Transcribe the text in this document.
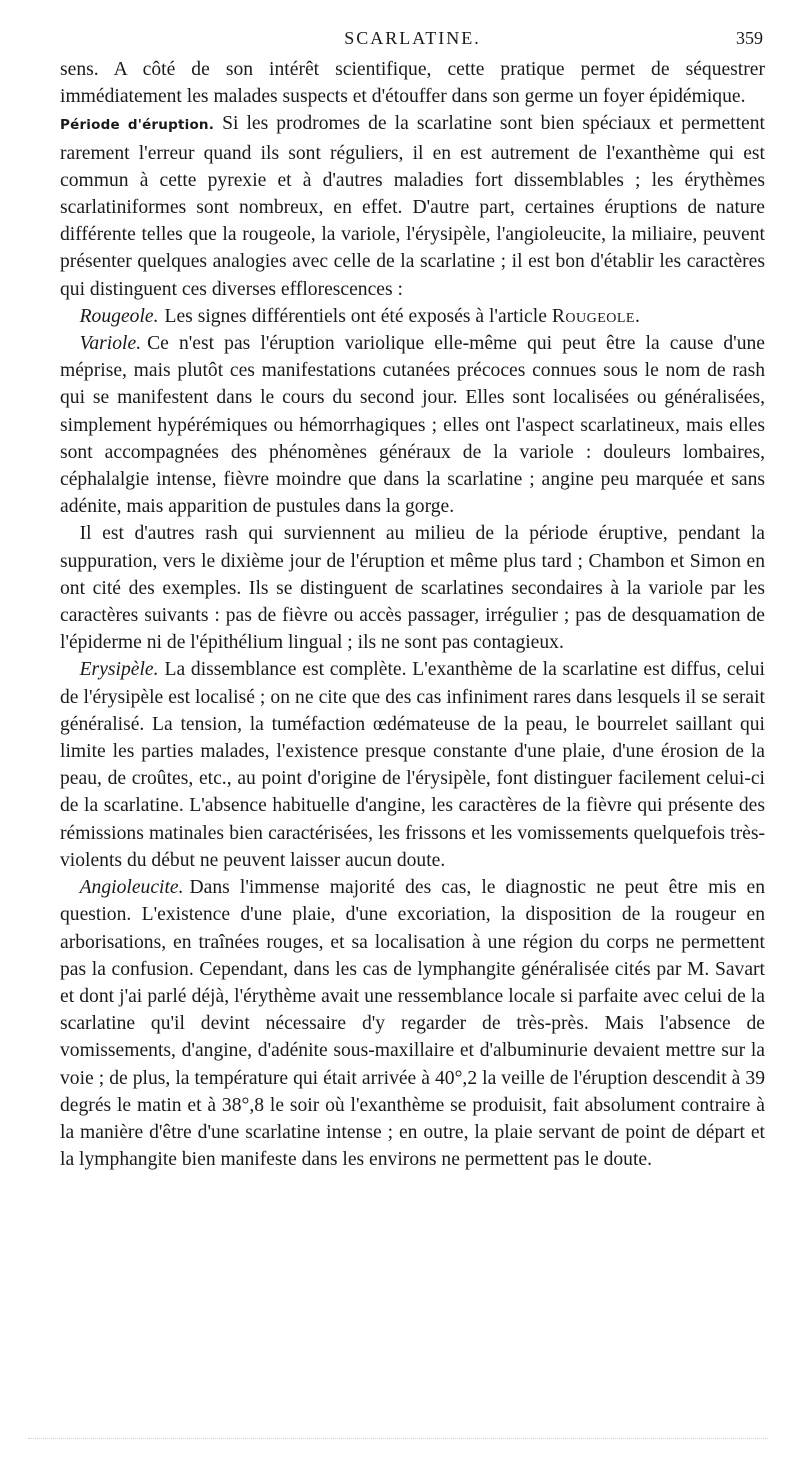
SCARLATINE.	359

sens. A côté de son intérêt scientifique, cette pratique permet de séquestrer immédiatement les malades suspects et d'étouffer dans son germe un foyer épidémique.

Période d'éruption. Si les prodromes de la scarlatine sont bien spéciaux et permettent rarement l'erreur quand ils sont réguliers, il en est autrement de l'exanthème qui est commun à cette pyrexie et à d'autres maladies fort dissemblables ; les érythèmes scarlatiniformes sont nombreux, en effet. D'autre part, certaines éruptions de nature différente telles que la rougeole, la variole, l'érysipèle, l'angioleucite, la miliaire, peuvent présenter quelques analogies avec celle de la scarlatine ; il est bon d'établir les caractères qui distinguent ces diverses efflorescences :

 Rougeole. Les signes différentiels ont été exposés à l'article Rougeole.

 Variole. Ce n'est pas l'éruption variolique elle-même qui peut être la cause d'une méprise, mais plutôt ces manifestations cutanées précoces connues sous le nom de rash qui se manifestent dans le cours du second jour. Elles sont localisées ou généralisées, simplement hypérémiques ou hémorrhagiques ; elles ont l'aspect scarlatineux, mais elles sont accompagnées des phénomènes généraux de la variole : douleurs lombaires, céphalalgie intense, fièvre moindre que dans la scarlatine ; angine peu marquée et sans adénite, mais apparition de pustules dans la gorge.

 Il est d'autres rash qui surviennent au milieu de la période éruptive, pendant la suppuration, vers le dixième jour de l'éruption et même plus tard ; Chambon et Simon en ont cité des exemples. Ils se distinguent de scarlatines secondaires à la variole par les caractères suivants : pas de fièvre ou accès passager, irrégulier ; pas de desquamation de l'épiderme ni de l'épithélium lingual ; ils ne sont pas contagieux.

 Erysipèle. La dissemblance est complète. L'exanthème de la scarlatine est diffus, celui de l'érysipèle est localisé ; on ne cite que des cas infiniment rares dans lesquels il se serait généralisé. La tension, la tuméfaction œdémateuse de la peau, le bourrelet saillant qui limite les parties malades, l'existence presque constante d'une plaie, d'une érosion de la peau, de croûtes, etc., au point d'origine de l'érysipèle, font distinguer facilement celui-ci de la scarlatine. L'absence habituelle d'angine, les caractères de la fièvre qui présente des rémissions matinales bien caractérisées, les frissons et les vomissements quelquefois très-violents du début ne peuvent laisser aucun doute.

 Angioleucite. Dans l'immense majorité des cas, le diagnostic ne peut être mis en question. L'existence d'une plaie, d'une excoriation, la disposition de la rougeur en arborisations, en traînées rouges, et sa localisation à une région du corps ne permettent pas la confusion. Cependant, dans les cas de lymphangite généralisée cités par M. Savart et dont j'ai parlé déjà, l'érythème avait une ressemblance locale si parfaite avec celui de la scarlatine qu'il devint nécessaire d'y regarder de très-près. Mais l'absence de vomissements, d'angine, d'adénite sous-maxillaire et d'albuminurie devaient mettre sur la voie ; de plus, la température qui était arrivée à 40°,2 la veille de l'éruption descendit à 39 degrés le matin et à 38°,8 le soir où l'exanthème se produisit, fait absolument contraire à la manière d'être d'une scarlatine intense ; en outre, la plaie servant de point de départ et la lymphangite bien manifeste dans les environs ne permettent pas le doute.
